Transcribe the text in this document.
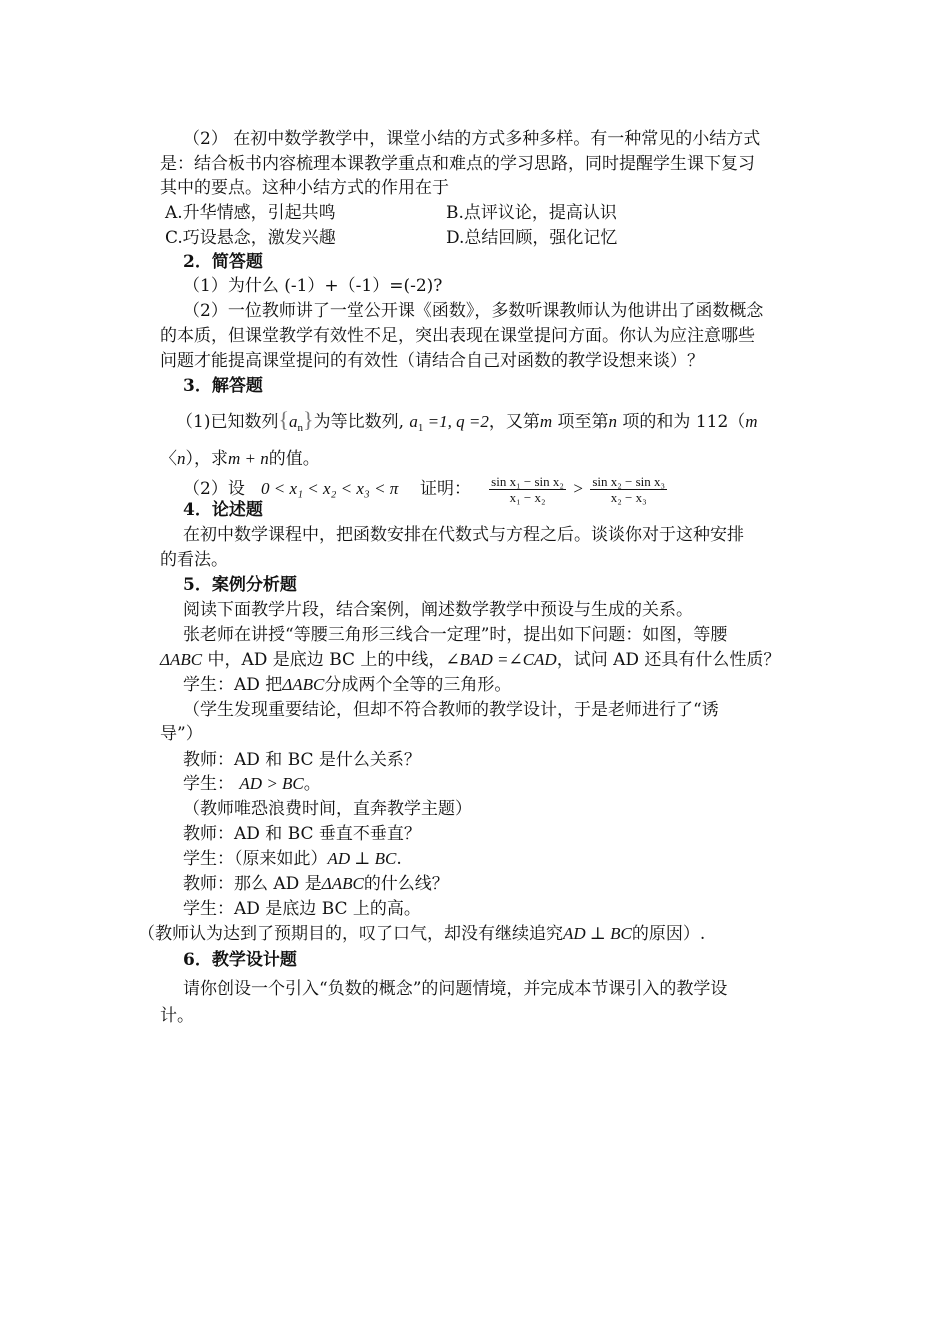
（2） 在初中数学教学中，课堂小结的方式多种多样。有一种常见的小结方式
是：结合板书内容梳理本课教学重点和难点的学习思路，同时提醒学生课下复习
其中的要点。这种小结方式的作用在于
A.升华情感，引起共鸣	B.点评议论，提高认识
C.巧设悬念，激发兴趣	D.总结回顾，强化记忆
2．简答题
（1）为什么 (-1）+（-1）=(-2)?
（2）一位教师讲了一堂公开课《函数》，多数听课教师认为他讲出了函数概念
的本质，但课堂教学有效性不足，突出表现在课堂提问方面。你认为应注意哪些
问题才能提高课堂提问的有效性（请结合自己对函数的教学设想来谈）？
3．解答题
（1)已知数列$\{a_n\}$为等比数列, $a_1 =1$, q =2，又第m 项至第n 项的和为 112（m
〈n），求m + n的值。
（2）设 0 < x₁ < x₂ < x₃ < π 证明： $\frac{\text{sin x₁ − sin x₂}}{\text{x₁ − x₂}} > \frac{\text{sin x₂ − sin x₃}}{\text{x₂ − x₃}}$
4．论述题
在初中数学课程中，把函数安排在代数式与方程之后。谈谈你对于这种安排
的看法。
5．案例分析题
阅读下面教学片段，结合案例，阐述数学教学中预设与生成的关系。
张老师在讲授“等腰三角形三线合一定理”时，提出如下问题：如图，等腰
ΔABC 中，AD 是底边 BC 上的中线，∠BAD =∠CAD，试问 AD 还具有什么性质？
学生：AD 把ΔABC分成两个全等的三角形。
（学生发现重要结论，但却不符合教师的教学设计，于是老师进行了“诱
导”）
教师：AD 和 BC 是什么关系？
学生： AD > BC。
（教师唯恐浪费时间，直奔教学主题）
教师：AD 和 BC 垂直不垂直？
学生：（原来如此）AD ⊥ BC.
教师：那么 AD 是ΔABC的什么线？
学生：AD 是底边 BC 上的高。
（教师认为达到了预期目的，叹了口气，却没有继续追究AD ⊥ BC的原因）.
6．教学设计题
请你创设一个引入“负数的概念”的问题情境，并完成本节课引入的教学设
计。
